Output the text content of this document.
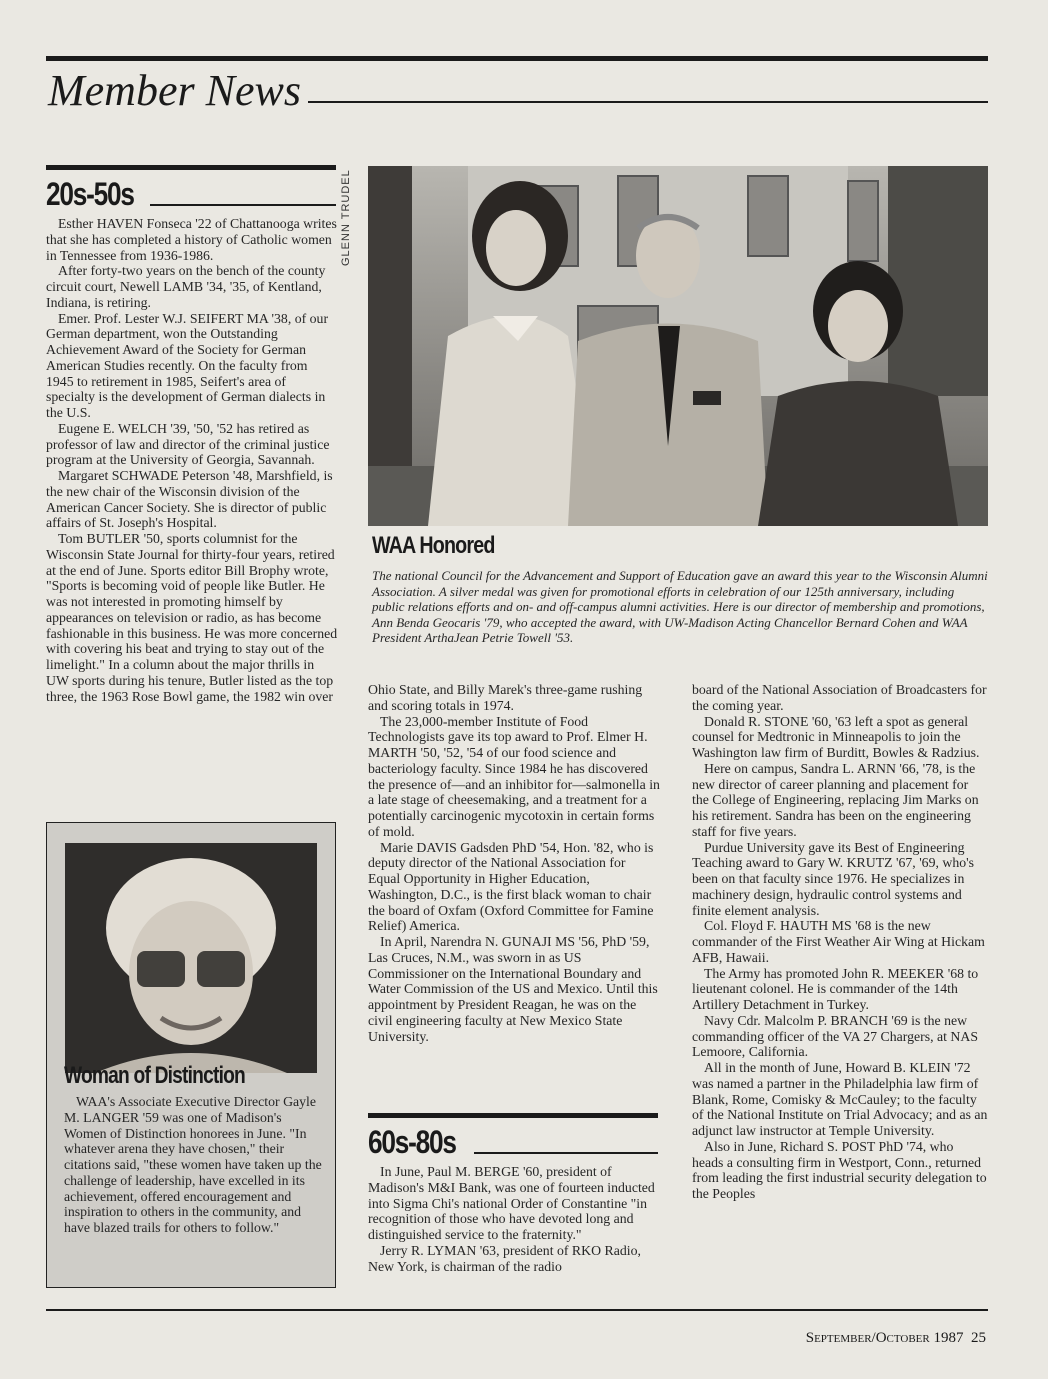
Member News
20s-50s

Esther HAVEN Fonseca '22 of Chattanooga writes that she has completed a history of Catholic women in Tennessee from 1936-1986.

After forty-two years on the bench of the county circuit court, Newell LAMB '34, '35, of Kentland, Indiana, is retiring.

Emer. Prof. Lester W.J. SEIFERT MA '38, of our German department, won the Outstanding Achievement Award of the Society for German American Studies recently. On the faculty from 1945 to retirement in 1985, Seifert's area of specialty is the development of German dialects in the U.S.

Eugene E. WELCH '39, '50, '52 has retired as professor of law and director of the criminal justice program at the University of Georgia, Savannah.

Margaret SCHWADE Peterson '48, Marshfield, is the new chair of the Wisconsin division of the American Cancer Society. She is director of public affairs of St. Joseph's Hospital.

Tom BUTLER '50, sports columnist for the Wisconsin State Journal for thirty-four years, retired at the end of June. Sports editor Bill Brophy wrote, "Sports is becoming void of people like Butler. He was not interested in promoting himself by appearances on television or radio, as has become fashionable in this business. He was more concerned with covering his beat and trying to stay out of the limelight." In a column about the major thrills in UW sports during his tenure, Butler listed as the top three, the 1963 Rose Bowl game, the 1982 win over

GLENN TRUDEL
WAA Honored
The national Council for the Advancement and Support of Education gave an award this year to the Wisconsin Alumni Association. A silver medal was given for promotional efforts in celebration of our 125th anniversary, including public relations efforts and on- and off-campus alumni activities. Here is our director of membership and promotions, Ann Benda Geocaris '79, who accepted the award, with UW-Madison Acting Chancellor Bernard Cohen and WAA President ArthaJean Petrie Towell '53.
Woman of Distinction

WAA's Associate Executive Director Gayle M. LANGER '59 was one of Madison's Women of Distinction honorees in June. "In whatever arena they have chosen," their citations said, "these women have taken up the challenge of leadership, have excelled in its achievement, offered encouragement and inspiration to others in the community, and have blazed trails for others to follow."

Ohio State, and Billy Marek's three-game rushing and scoring totals in 1974.

The 23,000-member Institute of Food Technologists gave its top award to Prof. Elmer H. MARTH '50, '52, '54 of our food science and bacteriology faculty. Since 1984 he has discovered the presence of—and an inhibitor for—salmonella in a late stage of cheesemaking, and a treatment for a potentially carcinogenic mycotoxin in certain forms of mold.

Marie DAVIS Gadsden PhD '54, Hon. '82, who is deputy director of the National Association for Equal Opportunity in Higher Education, Washington, D.C., is the first black woman to chair the board of Oxfam (Oxford Committee for Famine Relief) America.

In April, Narendra N. GUNAJI MS '56, PhD '59, Las Cruces, N.M., was sworn in as US Commissioner on the International Boundary and Water Commission of the US and Mexico. Until this appointment by President Reagan, he was on the civil engineering faculty at New Mexico State University.

60s-80s

In June, Paul M. BERGE '60, president of Madison's M&I Bank, was one of fourteen inducted into Sigma Chi's national Order of Constantine "in recognition of those who have devoted long and distinguished service to the fraternity."

Jerry R. LYMAN '63, president of RKO Radio, New York, is chairman of the radio

board of the National Association of Broadcasters for the coming year.

Donald R. STONE '60, '63 left a spot as general counsel for Medtronic in Minneapolis to join the Washington law firm of Burditt, Bowles & Radzius.

Here on campus, Sandra L. ARNN '66, '78, is the new director of career planning and placement for the College of Engineering, replacing Jim Marks on his retirement. Sandra has been on the engineering staff for five years.

Purdue University gave its Best of Engineering Teaching award to Gary W. KRUTZ '67, '69, who's been on that faculty since 1976. He specializes in machinery design, hydraulic control systems and finite element analysis.

Col. Floyd F. HAUTH MS '68 is the new commander of the First Weather Air Wing at Hickam AFB, Hawaii.

The Army has promoted John R. MEEKER '68 to lieutenant colonel. He is commander of the 14th Artillery Detachment in Turkey.

Navy Cdr. Malcolm P. BRANCH '69 is the new commanding officer of the VA 27 Chargers, at NAS Lemoore, California.

All in the month of June, Howard B. KLEIN '72 was named a partner in the Philadelphia law firm of Blank, Rome, Comisky & McCauley; to the faculty of the National Institute on Trial Advocacy; and as an adjunct law instructor at Temple University.

Also in June, Richard S. POST PhD '74, who heads a consulting firm in Westport, Conn., returned from leading the first industrial security delegation to the Peoples

September/October 1987 25
